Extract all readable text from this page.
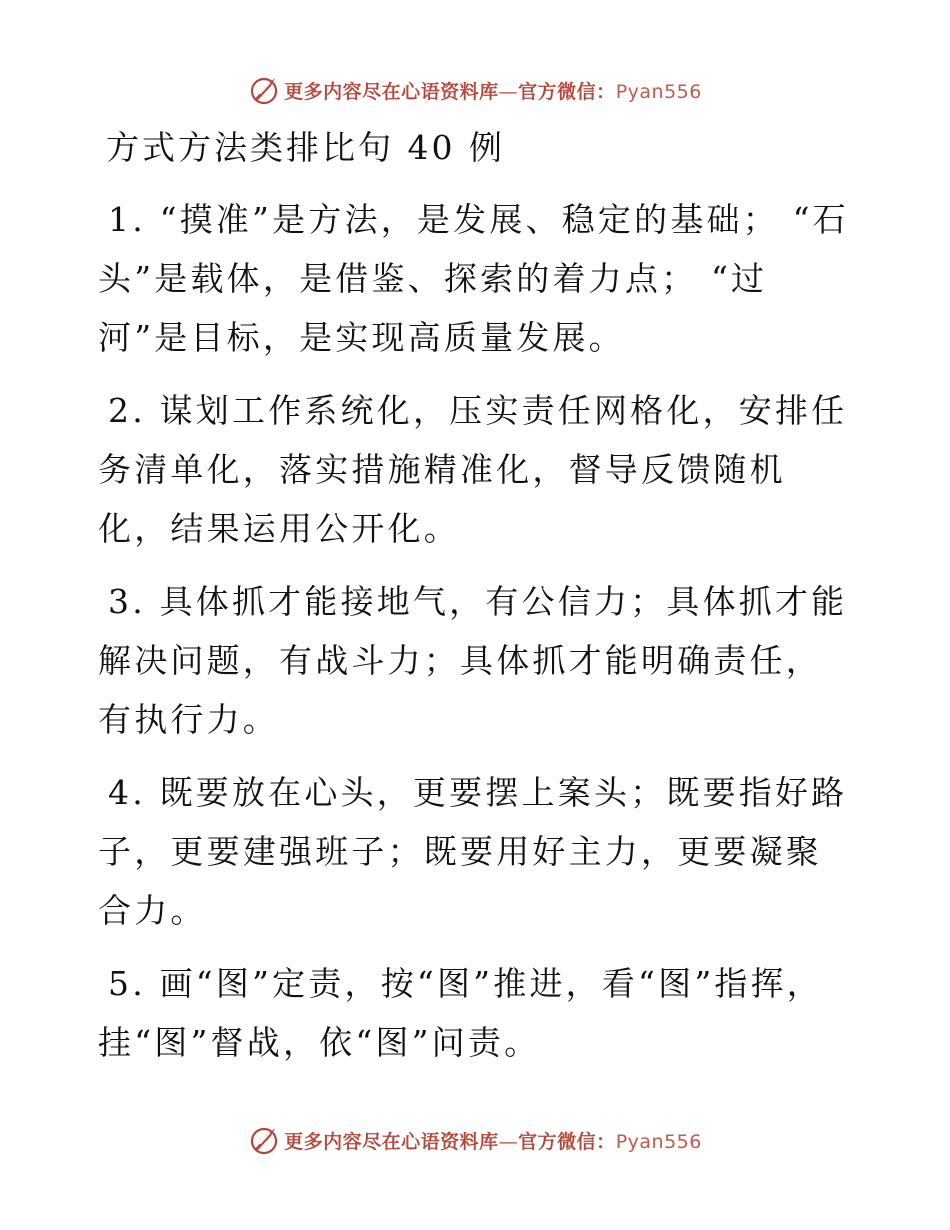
更多内容尽在心语资料库—官方微信：Pyan556
方式方法类排比句 40 例

1. “摸准”是方法，是发展、稳定的基础； “石头”是载体，是借鉴、探索的着力点； “过河”是目标，是实现高质量发展。

2. 谋划工作系统化，压实责任网格化，安排任务清单化，落实措施精准化，督导反馈随机化，结果运用公开化。

3. 具体抓才能接地气，有公信力；具体抓才能解决问题，有战斗力；具体抓才能明确责任，有执行力。

4. 既要放在心头，更要摆上案头；既要指好路子，更要建强班子；既要用好主力，更要凝聚合力。

5. 画“图”定责，按“图”推进，看“图”指挥，挂“图”督战，依“图”问责。

更多内容尽在心语资料库—官方微信：Pyan556
